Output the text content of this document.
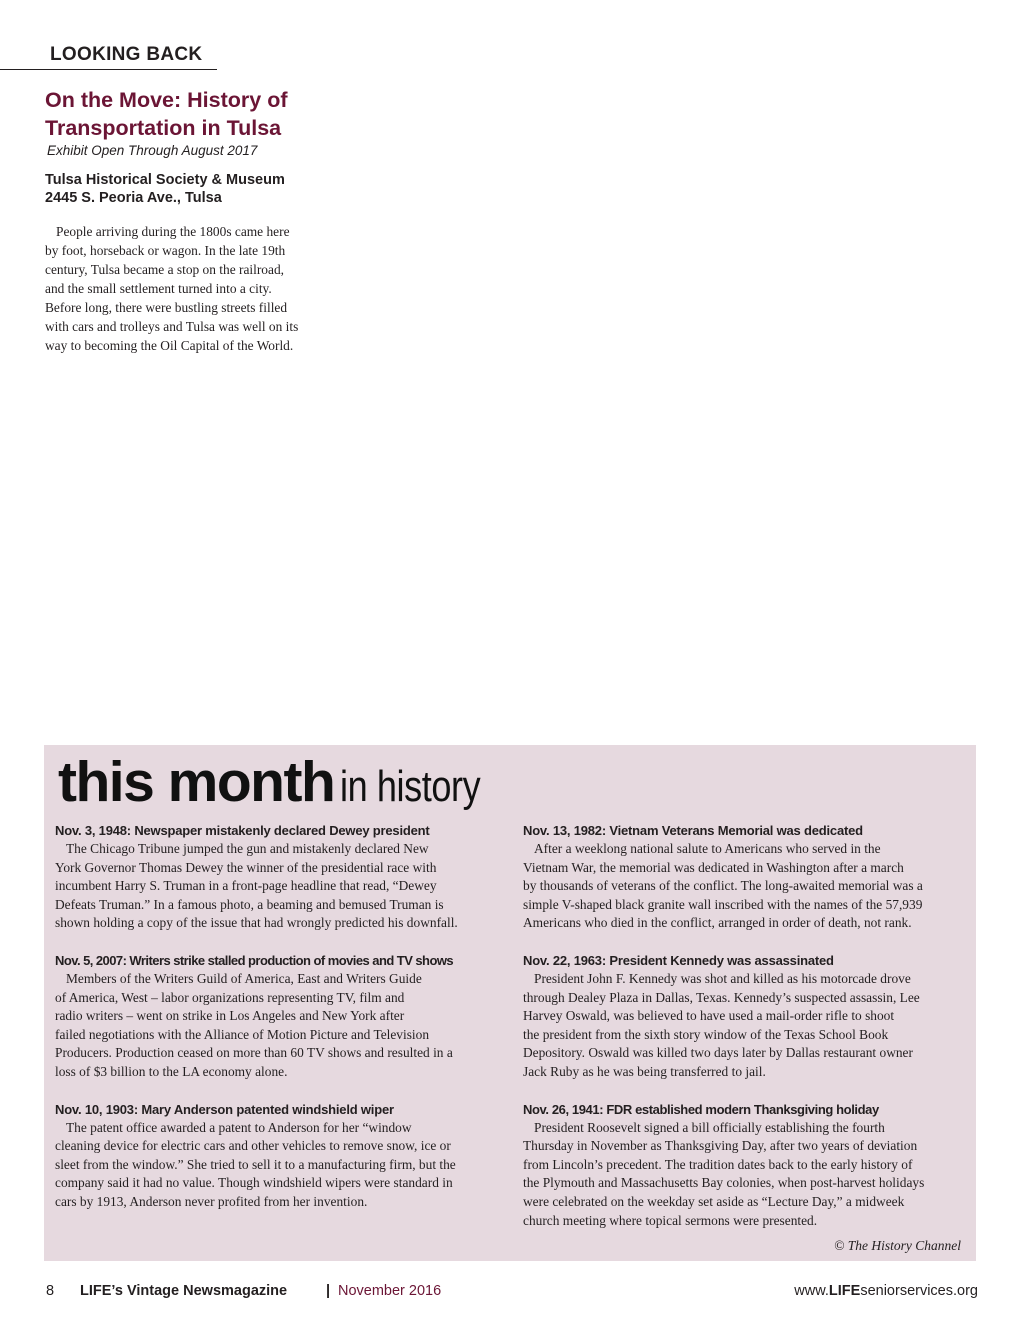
LOOKING BACK
On the Move: History of
Transportation in Tulsa
Exhibit Open Through August 2017
Tulsa Historical Society & Museum
2445 S. Peoria Ave., Tulsa
People arriving during the 1800s came here
by foot, horseback or wagon. In the late 19th
century, Tulsa became a stop on the railroad,
and the small settlement turned into a city.
Before long, there were bustling streets filled
with cars and trolleys and Tulsa was well on its
way to becoming the Oil Capital of the World.
this month in history
Nov. 3, 1948: Newspaper mistakenly declared Dewey president
The Chicago Tribune jumped the gun and mistakenly declared New
York Governor Thomas Dewey the winner of the presidential race with
incumbent Harry S. Truman in a front-page headline that read, “Dewey
Defeats Truman.” In a famous photo, a beaming and bemused Truman is
shown holding a copy of the issue that had wrongly predicted his downfall.
Nov. 5, 2007: Writers strike stalled production of movies and TV shows
Members of the Writers Guild of America, East and Writers Guide
of America, West – labor organizations representing TV, film and
radio writers – went on strike in Los Angeles and New York after
failed negotiations with the Alliance of Motion Picture and Television
Producers. Production ceased on more than 60 TV shows and resulted in a
loss of $3 billion to the LA economy alone.
Nov. 10, 1903: Mary Anderson patented windshield wiper
The patent office awarded a patent to Anderson for her “window
cleaning device for electric cars and other vehicles to remove snow, ice or
sleet from the window.” She tried to sell it to a manufacturing firm, but the
company said it had no value. Though windshield wipers were standard in
cars by 1913, Anderson never profited from her invention.
Nov. 13, 1982: Vietnam Veterans Memorial was dedicated
After a weeklong national salute to Americans who served in the
Vietnam War, the memorial was dedicated in Washington after a march
by thousands of veterans of the conflict. The long-awaited memorial was a
simple V-shaped black granite wall inscribed with the names of the 57,939
Americans who died in the conflict, arranged in order of death, not rank.
Nov. 22, 1963: President Kennedy was assassinated
President John F. Kennedy was shot and killed as his motorcade drove
through Dealey Plaza in Dallas, Texas. Kennedy’s suspected assassin, Lee
Harvey Oswald, was believed to have used a mail-order rifle to shoot
the president from the sixth story window of the Texas School Book
Depository. Oswald was killed two days later by Dallas restaurant owner
Jack Ruby as he was being transferred to jail.
Nov. 26, 1941: FDR established modern Thanksgiving holiday
President Roosevelt signed a bill officially establishing the fourth
Thursday in November as Thanksgiving Day, after two years of deviation
from Lincoln’s precedent. The tradition dates back to the early history of
the Plymouth and Massachusetts Bay colonies, when post-harvest holidays
were celebrated on the weekday set aside as “Lecture Day,” a midweek
church meeting where topical sermons were presented.
© The History Channel
8 LIFE’s Vintage Newsmagazine	| November 2016	www.LIFEseniorservices.org
